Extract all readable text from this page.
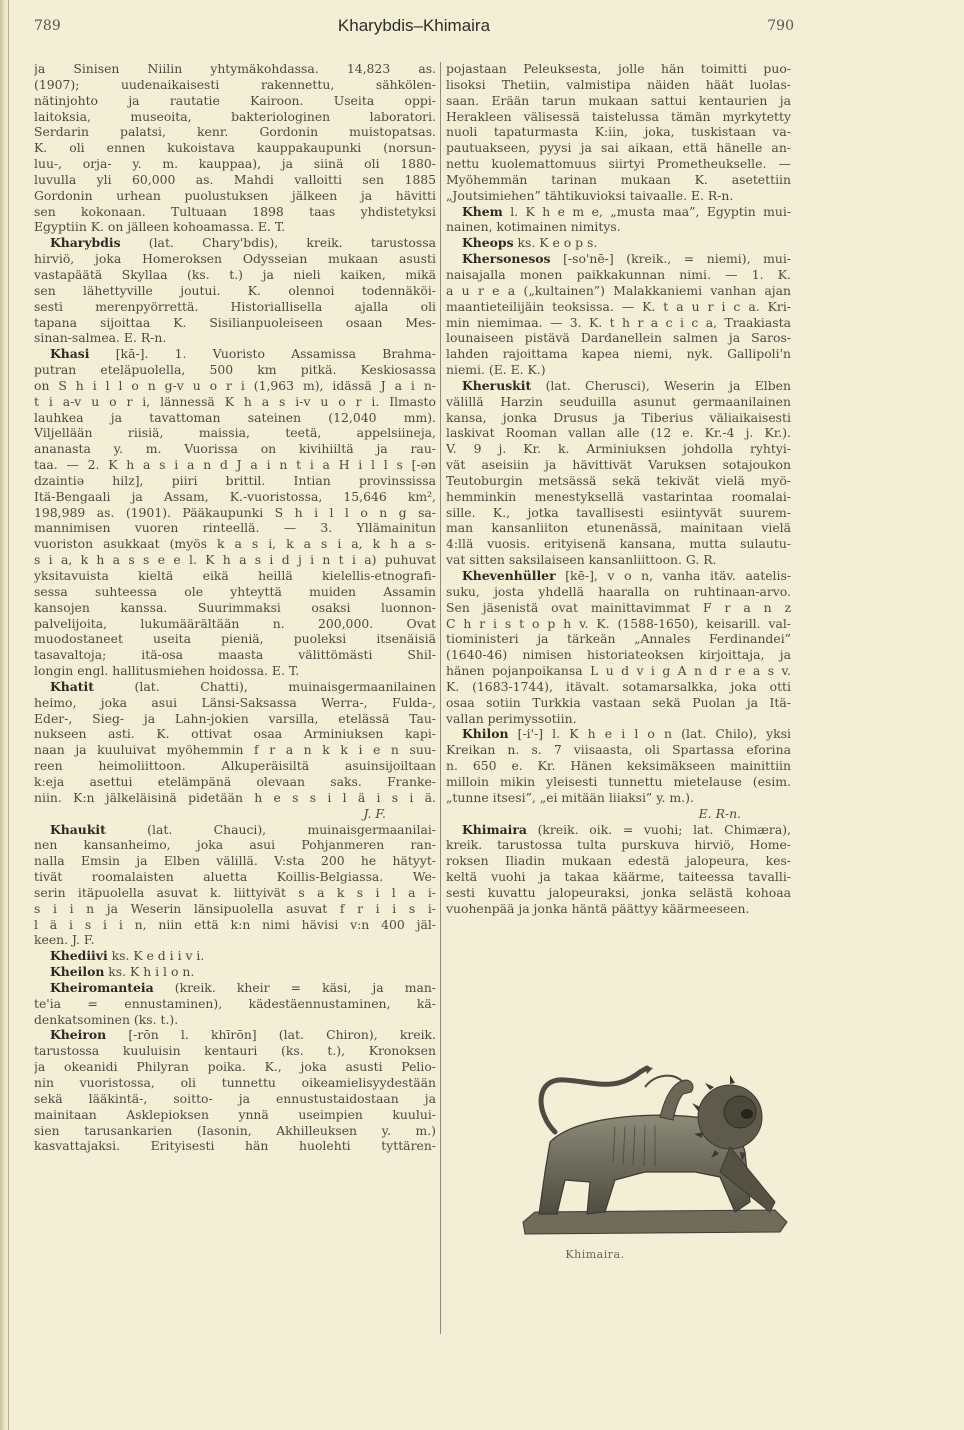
789	Kharybdis–Khimaira	790
ja Sinisen Niilin yhtymäkohdassa. 14,823 as.
(1907); uudenaikaisesti rakennettu, sähkölen-
nätinjohto ja rautatie Kairoon. Useita oppi-
laitoksia, museoita, bakteriologinen laboratori.
Serdarin palatsi, kenr. Gordonin muistopatsas.
K. oli ennen kukoistava kauppakaupunki (norsun-
luu-, orja- y. m. kauppaa), ja siinä oli 1880-
luvulla yli 60,000 as. Mahdi valloitti sen 1885
Gordonin urhean puolustuksen jälkeen ja hävitti
sen kokonaan. Tultuaan 1898 taas yhdistetyksi
Egyptiin K. on jälleen kohoamassa. E. T.
Kharybdis (lat. Chary'bdis), kreik. tarustossa
hirviö, joka Homeroksen Odysseian mukaan asusti
vastapäätä Skyllaa (ks. t.) ja nieli kaiken, mikä
sen lähettyville joutui. K. olennoi todennäköi-
sesti merenpyörrettä. Historiallisella ajalla oli
tapana sijoittaa K. Sisilianpuoleiseen osaan Mes-
sinan-salmea. E. R-n.
Khasi [kā-]. 1. Vuoristo Assamissa Brahma-
putran eteläpuolella, 500 km pitkä. Keskiosassa
on S h i l l o n g-v u o r i (1,963 m), idässä J a i n-
t i a-v u o r i, lännessä K h a s i-v u o r i. Ilmasto
lauhkea ja tavattoman sateinen (12,040 mm).
Viljellään riisiä, maissia, teetä, appelsiineja,
ananasta y. m. Vuorissa on kivihiiltä ja rau-
taa. — 2. K h a s i a n d J a i n t i a H i l l s [-ən
dzaintiə hilz], piiri brittil. Intian provinssissa
Itä-Bengaali ja Assam, K.-vuoristossa, 15,646 km²,
198,989 as. (1901). Pääkaupunki S h i l l o n g sa-
mannimisen vuoren rinteellä. — 3. Yllämainitun
vuoriston asukkaat (myös k a s i, k a s i a, k h a s-
s i a, k h a s s e e l. K h a s i d j i n t i a) puhuvat
yksitavuista kieltä eikä heillä kielellis-etnografi-
sessa suhteessa ole yhteyttä muiden Assamin
kansojen kanssa. Suurimmaksi osaksi luonnon-
palvelijoita, lukumäärältään n. 200,000. Ovat
muodostaneet useita pieniä, puoleksi itsenäisiä
tasavaltoja; itä-osa maasta välittömästi Shil-
longin engl. hallitusmiehen hoidossa. E. T.
Khatit (lat. Chatti), muinaisgermaanilainen
heimo, joka asui Länsi-Saksassa Werra-, Fulda-,
Eder-, Sieg- ja Lahn-jokien varsilla, etelässä Tau-
nukseen asti. K. ottivat osaa Arminiuksen kapi-
naan ja kuuluivat myöhemmin f r a n k k i e n suu-
reen heimoliittoon. Alkuperäisiltä asuinsijoiltaan
k:eja asettui etelämpänä olevaan saks. Franke-
niin. K:n jälkeläisinä pidetään h e s s i l ä i s i ä.
J. F.
Khaukit (lat. Chauci), muinaisgermaanilai-
nen kansanheimo, joka asui Pohjanmeren ran-
nalla Emsin ja Elben välillä. V:sta 200 he hätyyt-
tivät roomalaisten aluetta Koillis-Belgiassa. We-
serin itäpuolella asuvat k. liittyivät s a k s i l a i-
s i i n ja Weserin länsipuolella asuvat f r i i s i-
l ä i s i i n, niin että k:n nimi hävisi v:n 400 jäl-
keen. J. F.
Khediivi ks. K e d i i v i.
Kheilon ks. K h i l o n.
Kheiromanteia (kreik. kheir = käsi, ja man-
te'ia = ennustaminen), kädestäennustaminen, kä-
denkatsominen (ks. t.).
Kheiron [-rōn l. khīrōn] (lat. Chiron), kreik.
tarustossa kuuluisin kentauri (ks. t.), Kronoksen
ja okeanidi Philyran poika. K., joka asusti Pelio-
nin vuoristossa, oli tunnettu oikeamielisyydestään
sekä lääkintä-, soitto- ja ennustustaidostaan ja
mainitaan Asklepioksen ynnä useimpien kuului-
sien tarusankarien (Iasonin, Akhilleuksen y. m.)
kasvattajaksi. Erityisesti hän huolehti tyttären-
pojastaan Peleuksesta, jolle hän toimitti puo-
lisoksi Thetiin, valmistipa näiden häät luolas-
saan. Erään tarun mukaan sattui kentaurien ja
Herakleen välisessä taistelussa tämän myrkytetty
nuoli tapaturmasta K:iin, joka, tuskistaan va-
pautuakseen, pyysi ja sai aikaan, että hänelle an-
nettu kuolemattomuus siirtyi Prometheukselle. —
Myöhemmän tarinan mukaan K. asetettiin
„Joutsimiehen” tähtikuvioksi taivaalle. E. R-n.
Khem l. K h e m e, „musta maa”, Egyptin mui-
nainen, kotimainen nimitys.
Kheops ks. K e o p s.
Khersonesos [-so'nē-] (kreik., = niemi), mui-
naisajalla monen paikkakunnan nimi. — 1. K.
a u r e a („kultainen”) Malakkaniemi vanhan ajan
maantieteilijäin teoksissa. — K. t a u r i c a. Kri-
min niemimaa. — 3. K. t h r a c i c a, Traakiasta
lounaiseen pistävä Dardanellein salmen ja Saros-
lahden rajoittama kapea niemi, nyk. Gallipoli'n
niemi. (E. E. K.)
Kheruskit (lat. Cherusci), Weserin ja Elben
välillä Harzin seuduilla asunut germaanilainen
kansa, jonka Drusus ja Tiberius väliaikaisesti
laskivat Rooman vallan alle (12 e. Kr.-4 j. Kr.).
V. 9 j. Kr. k. Arminiuksen johdolla ryhtyi-
vät aseisiin ja hävittivät Varuksen sotajoukon
Teutoburgin metsässä sekä tekivät vielä myö-
hemminkin menestyksellä vastarintaa roomalai-
sille. K., jotka tavallisesti esiintyvät suurem-
man kansanliiton etunenässä, mainitaan vielä
4:llä vuosis. erityisenä kansana, mutta sulautu-
vat sitten saksilaiseen kansanliittoon. G. R.
Khevenhüller [kē-], v o n, vanha itäv. aatelis-
suku, josta yhdellä haaralla on ruhtinaan-arvo.
Sen jäsenistä ovat mainittavimmat F r a n z
C h r i s t o p h v. K. (1588-1650), keisarill. val-
tioministeri ja tärkeän „Annales Ferdinandei”
(1640-46) nimisen historiateoksen kirjoittaja, ja
hänen pojanpoikansa L u d v i g A n d r e a s v.
K. (1683-1744), itävalt. sotamarsalkka, joka otti
osaa sotiin Turkkia vastaan sekä Puolan ja Itä-
vallan perimyssotiin.
Khilon [-i'-] l. K h e i l o n (lat. Chilo), yksi
Kreikan n. s. 7 viisaasta, oli Spartassa eforina
n. 650 e. Kr. Hänen keksimäkseen mainittiin
milloin mikin yleisesti tunnettu mietelause (esim.
„tunne itsesi”, „ei mitään liiaksi” y. m.).
E. R-n.
Khimaira (kreik. oik. = vuohi; lat. Chimæra),
kreik. tarustossa tulta purskuva hirviö, Home-
roksen Iliadin mukaan edestä jalopeura, kes-
keltä vuohi ja takaa käärme, taiteessa tavalli-
sesti kuvattu jalopeuraksi, jonka selästä kohoaa
vuohenpää ja jonka häntä päättyy käärmeeseen.
Khimaira.
